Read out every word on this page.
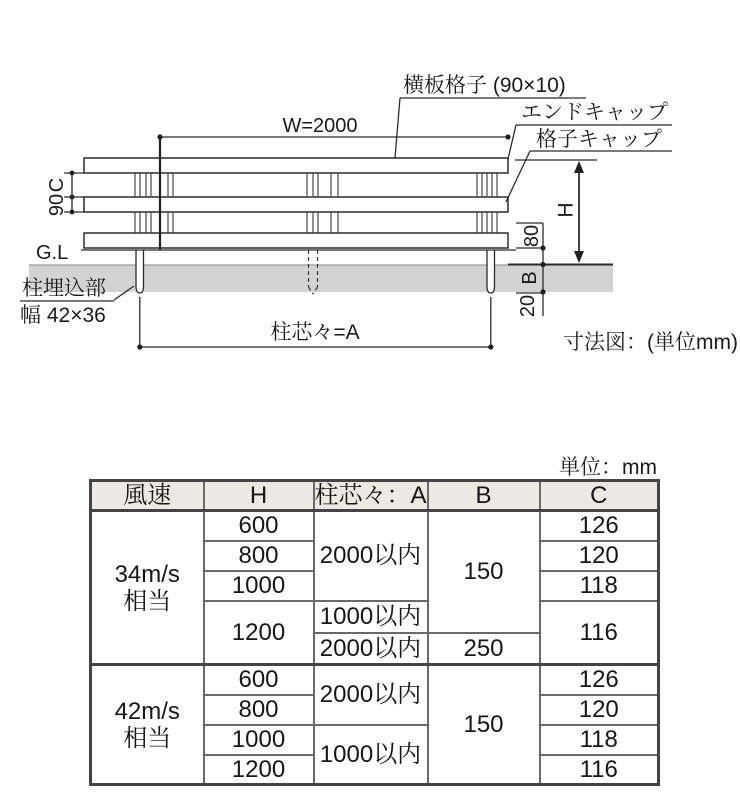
W=2000
横板格子 (90×10)
エンドキャップ
格子キャップ
C
90
G.L
H
80
B
20
柱埋込部
幅 42×36
柱芯々=A	寸法図：(単位mm)
単位：mm
風速	H	柱芯々：A	B	C
34m/s
相当	600	2000以内	150	126
	800			120
	1000			118
	1200	1000以内		116
		2000以内	250	
42m/s
相当	600	2000以内	150	126
	800			120
	1000	1000以内		118
	1200			116
